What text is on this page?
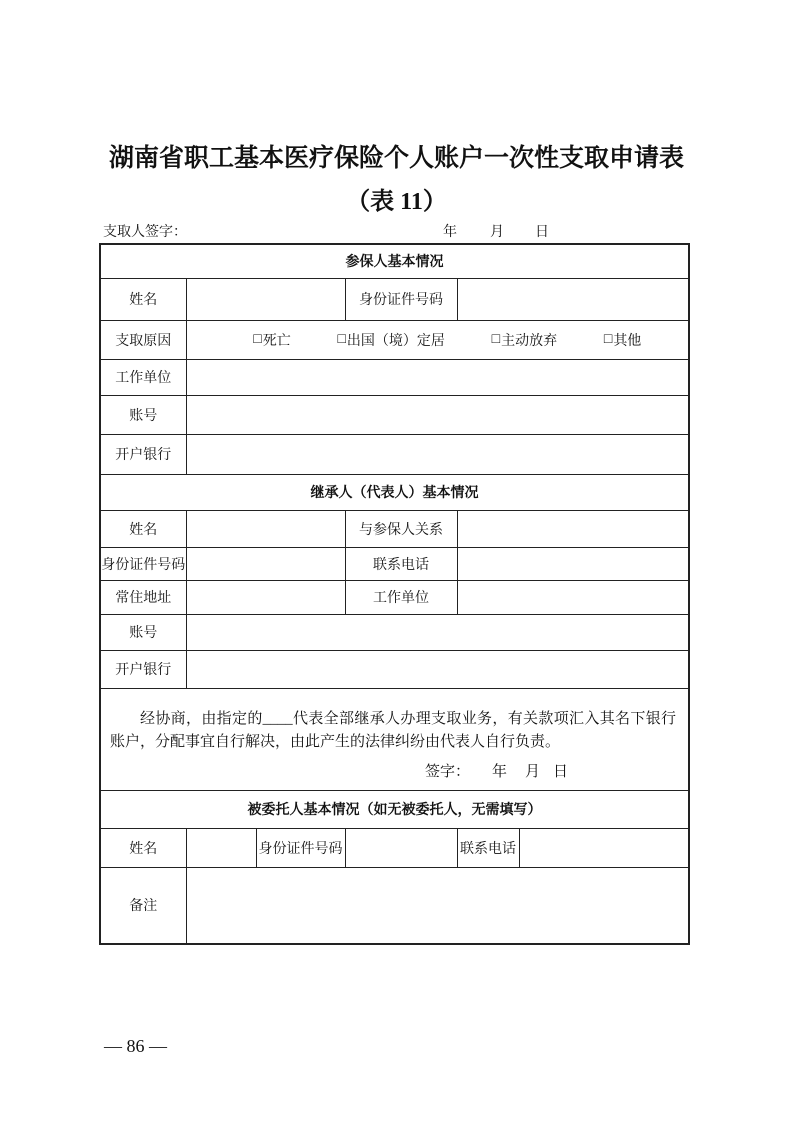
湖南省职工基本医疗保险个人账户一次性支取申请表
（表 11）
支取人签字：	年 月 日
参保人基本情况					
姓名			身份证件号码		
支取原因	□ 死亡	□ 出国（境）定居	□ 主动放弃	□ 其他

工作单位					
账号					
开户银行					
继承人（代表人）基本情况					
姓名			与参保人关系		
身份证件号码			联系电话		
常住地址			工作单位		
账号					
开户银行					

经协商，由指定的____代表全部继承人办理支取业务，有关款项汇入其名下银行账户，分配事宜自行解决，由此产生的法律纠纷由代表人自行负责。

签字： 年 月 日					

被委托人基本情况（如无被委托人，无需填写）					
姓名		身份证件号码		联系电话	
备注					
— 86 —
